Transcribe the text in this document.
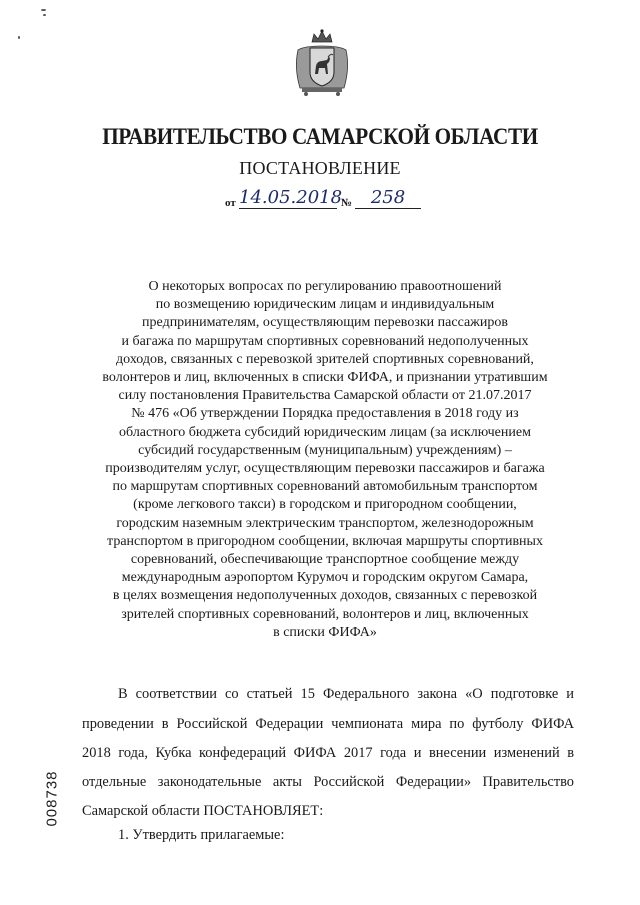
ПРАВИТЕЛЬСТВО САМАРСКОЙ ОБЛАСТИ
ПОСТАНОВЛЕНИЕ
от 14.05.2018
№	258
О некоторых вопросах по регулированию правоотношений
по возмещению юридическим лицам и индивидуальным
предпринимателям, осуществляющим перевозки пассажиров
и багажа по маршрутам спортивных соревнований недополученных
доходов, связанных с перевозкой зрителей спортивных соревнований,
волонтеров и лиц, включенных в списки ФИФА, и признании утратившим
силу постановления Правительства Самарской области от 21.07.2017
№ 476 «Об утверждении Порядка предоставления в 2018 году из
областного бюджета субсидий юридическим лицам (за исключением
субсидий государственным (муниципальным) учреждениям) –
производителям услуг, осуществляющим перевозки пассажиров и багажа
по маршрутам спортивных соревнований автомобильным транспортом
(кроме легкового такси) в городском и пригородном сообщении,
городским наземным электрическим транспортом, железнодорожным
транспортом в пригородном сообщении, включая маршруты спортивных
соревнований, обеспечивающие транспортное сообщение между
международным аэропортом Курумоч и городским округом Самара,
в целях возмещения недополученных доходов, связанных с перевозкой
зрителей спортивных соревнований, волонтеров и лиц, включенных
в списки ФИФА»
В соответствии со статьей 15 Федерального закона «О подготовке и
проведении в Российской Федерации чемпионата мира по футболу ФИФА
2018 года, Кубка конфедераций ФИФА 2017 года и внесении изменений в
отдельные законодательные акты Российской Федерации» Правительство
Самарской области ПОСТАНОВЛЯЕТ:
1. Утвердить прилагаемые:
008738
